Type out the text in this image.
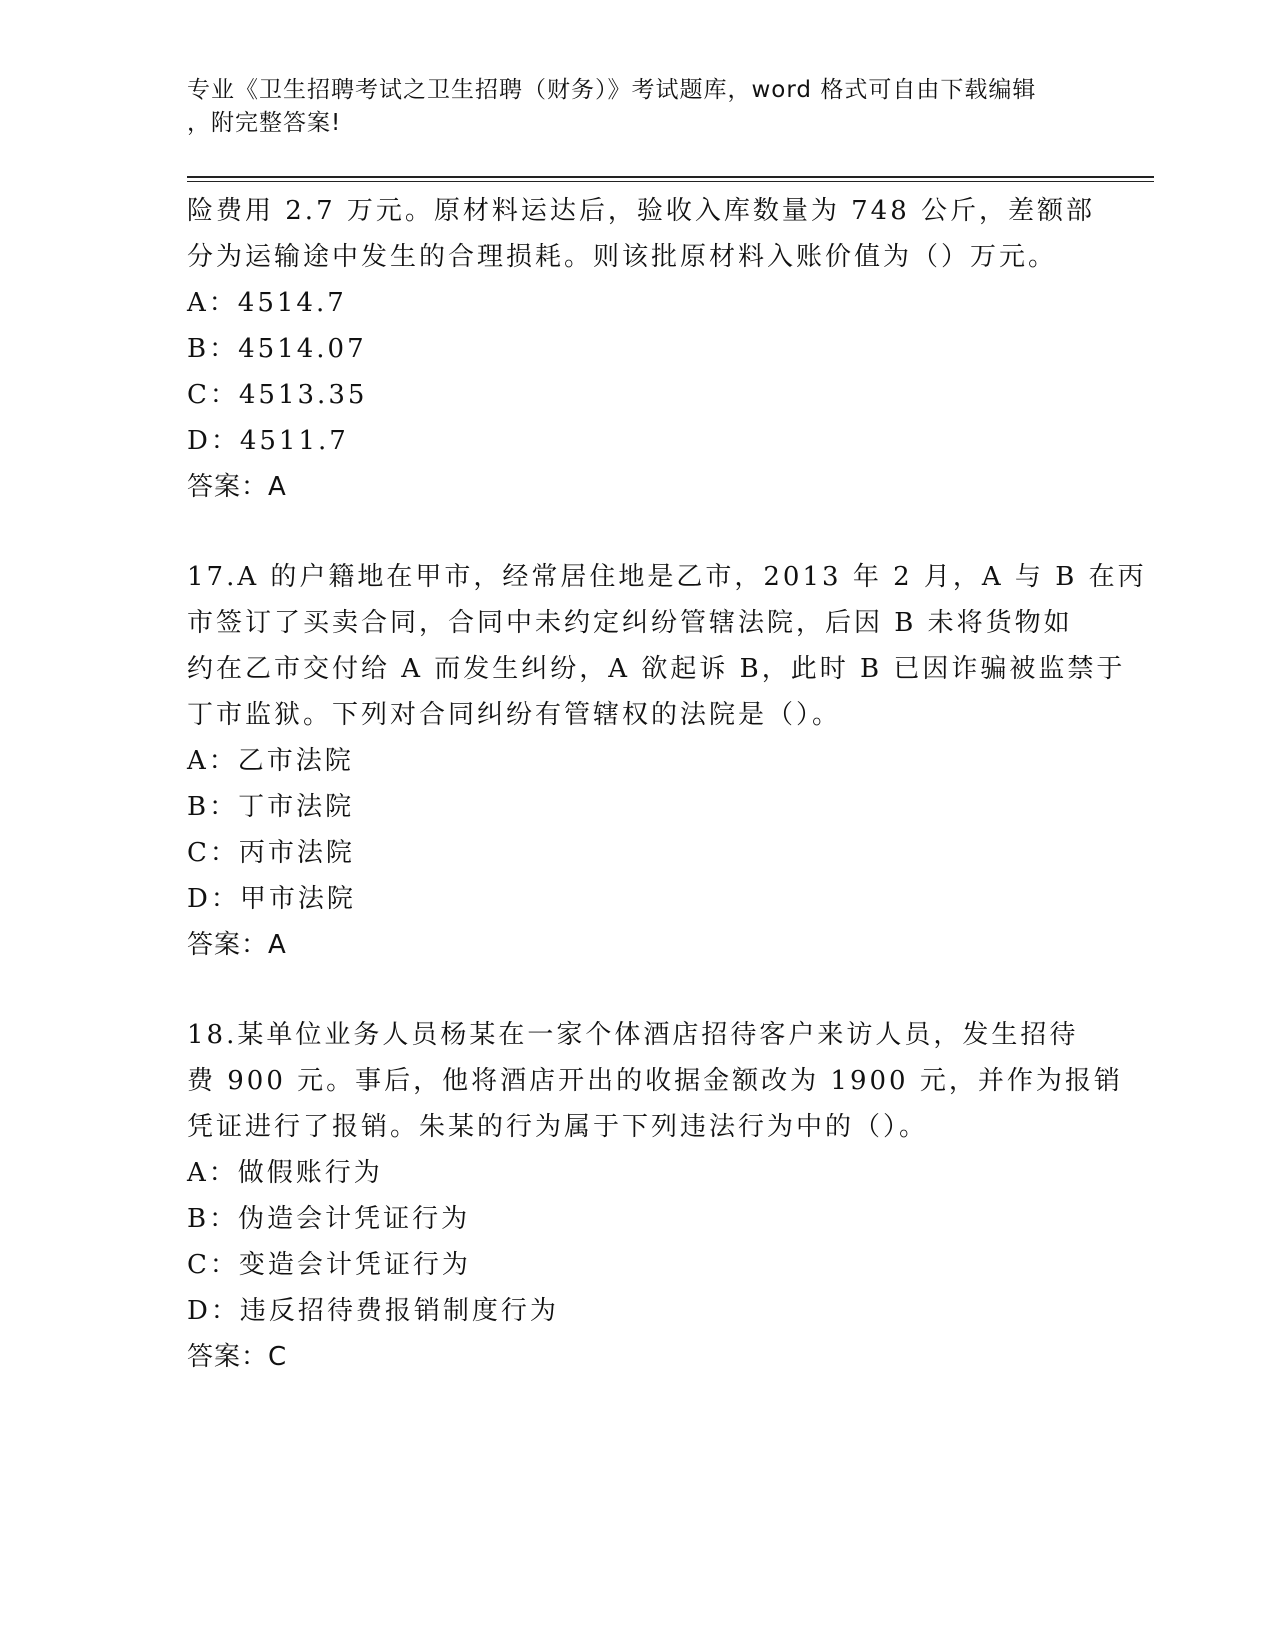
专业《卫生招聘考试之卫生招聘（财务）》考试题库，word 格式可自由下载编辑
，附完整答案!
险费用 2.7 万元。原材料运达后，验收入库数量为 748 公斤，差额部
分为运输途中发生的合理损耗。则该批原材料入账价值为（）万元。
A：4514.7
B：4514.07
C：4513.35
D：4511.7
答案：A
17.A 的户籍地在甲市，经常居住地是乙市，2013 年 2 月，A 与 B 在丙
市签订了买卖合同，合同中未约定纠纷管辖法院，后因 B 未将货物如
约在乙市交付给 A 而发生纠纷，A 欲起诉 B，此时 B 已因诈骗被监禁于
丁市监狱。下列对合同纠纷有管辖权的法院是（）。
A：乙市法院
B：丁市法院
C：丙市法院
D：甲市法院
答案：A
18.某单位业务人员杨某在一家个体酒店招待客户来访人员，发生招待
费 900 元。事后，他将酒店开出的收据金额改为 1900 元，并作为报销
凭证进行了报销。朱某的行为属于下列违法行为中的（）。
A：做假账行为
B：伪造会计凭证行为
C：变造会计凭证行为
D：违反招待费报销制度行为
答案：C
